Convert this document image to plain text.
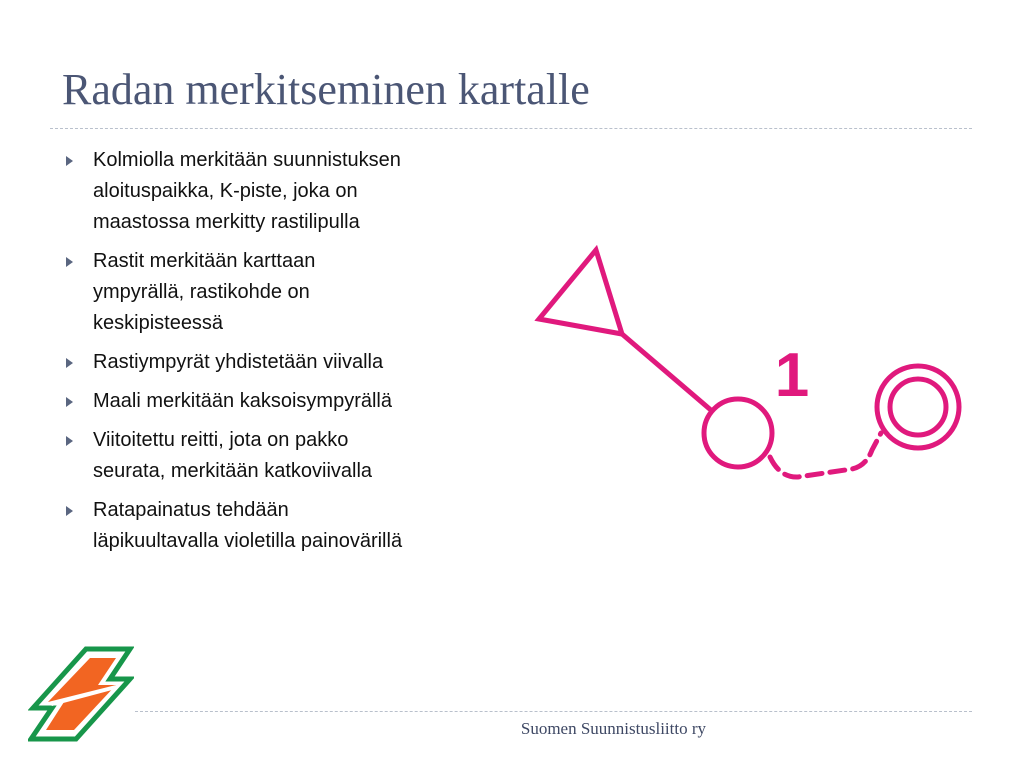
Radan merkitseminen kartalle
Kolmiolla merkitään suunnistuksen
aloituspaikka, K-piste, joka on
maastossa merkitty rastilipulla
Rastit merkitään karttaan
ympyrällä, rastikohde on
keskipisteessä
Rastiympyrät yhdistetään viivalla
Maali merkitään kaksoisympyrällä
Viitoitettu reitti, jota on pakko
seurata, merkitään katkoviivalla
Ratapainatus tehdään
läpikuultavalla violetilla painovärillä
1
Suomen Suunnistusliitto ry
